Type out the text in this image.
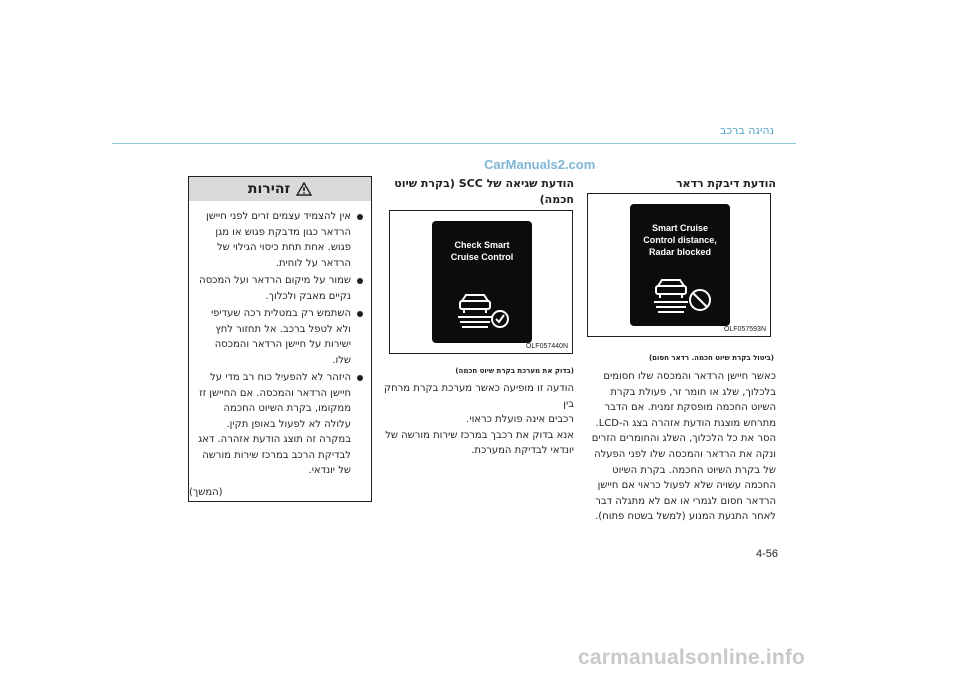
נהיגה ברכב
CarManuals2.com
הודעת דיבקת רדאר
Smart Cruise
Control distance,
Radar blocked
OLF057593N
(ביטול בקרת שיוט חכמה. רדאר חסום)
כאשר חיישן הרדאר והמכסה שלו חסומים
בלכלוך, שלג או חומר זר, פעולת בקרת
השיוט החכמה מופסקת זמנית. אם הדבר
מתרחש מוצגת הודעת אזהרה בצג ה-LCD.
הסר את כל הלכלוך, השלג והחומרים הזרים
ונקה את הרדאר והמכסה שלו לפני הפעלה
של בקרת השיוט החכמה. בקרת השיוט
החכמה עשויה שלא לפעול כראוי אם חיישן
הרדאר חסום לגמרי או אם לא מתגלה דבר
לאחר התנעת המנוע (למשל בשטח פתוח).
הודעת שגיאה של SCC (בקרת שיוט
חכמה)
Check Smart
Cruise Control
OLF057440N
(בדוק את מערכת בקרת שיוט חכמה)
הודעה זו מופיעה כאשר מערכת בקרת מרחק בין
רכבים אינה פועלת כראוי.
אנא בדוק את רכבך במרכז שירות מורשה של
יונדאי לבדיקת המערכת.
זהירות
אין להצמיד עצמים זרים לפני חיישן הרדאר כגון מדבקת פגוש או מגן פגוש. אחת תחת כיסוי הגילוי של הרדאר על לוחית.
שמור על מיקום הרדאר ועל המכסה נקיים מאבק ולכלוך.
השתמש רק במטלית רכה שעדיפי ולא לטפל ברכב. אל תחזור לחץ ישירות על חיישן הרדאר והמכסה שלו.
היזהר לא להפעיל כוח רב מדי על חיישן הרדאר והמכסה. אם החיישן זז ממקומו, בקרת השיוט החכמה עלולה לא לפעול באופן תקין. במקרה זה תוצג הודעת אזהרה. דאג לבדיקת הרכב במרכז שירות מורשה של יונדאי.
(המשך)
4-56
carmanualsonline.info
